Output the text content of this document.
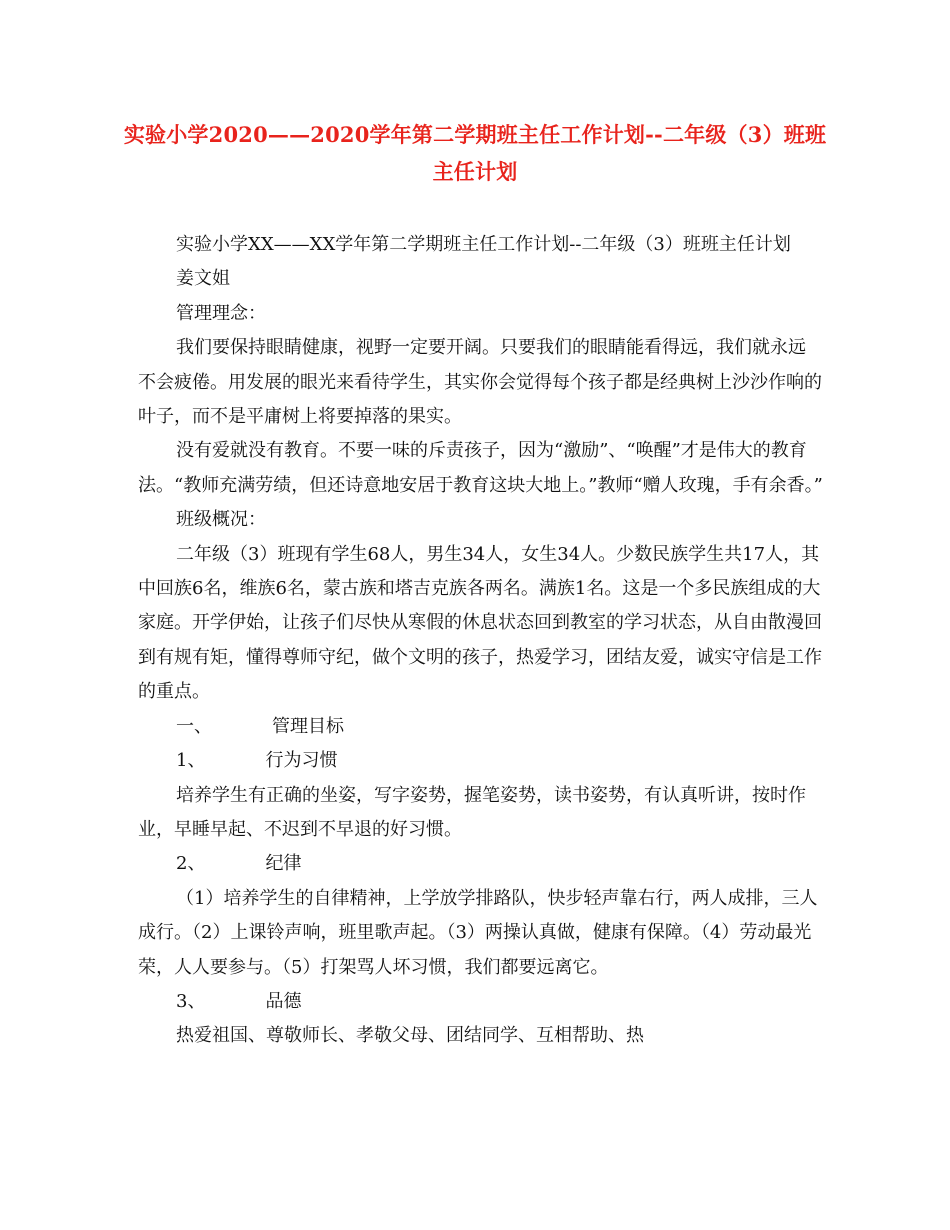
实验小学2020——2020学年第二学期班主任工作计划--二年级（3）班班主任计划

实验小学XX——XX学年第二学期班主任工作计划--二年级（3）班班主任计划

姜文姐

管理理念：

我们要保持眼睛健康，视野一定要开阔。只要我们的眼睛能看得远，我们就永远不会疲倦。用发展的眼光来看待学生，其实你会觉得每个孩子都是经典树上沙沙作响的叶子，而不是平庸树上将要掉落的果实。

没有爱就没有教育。不要一味的斥责孩子，因为“激励”、“唤醒”才是伟大的教育法。“教师充满劳绩，但还诗意地安居于教育这块大地上。”教师“赠人玫瑰，手有余香。”

班级概况：

二年级（3）班现有学生68人，男生34人，女生34人。少数民族学生共17人，其中回族6名，维族6名，蒙古族和塔吉克族各两名。满族1名。这是一个多民族组成的大家庭。开学伊始，让孩子们尽快从寒假的休息状态回到教室的学习状态，从自由散漫回到有规有矩，懂得尊师守纪，做个文明的孩子，热爱学习，团结友爱，诚实守信是工作的重点。

一、	管理目标

1、	行为习惯

培养学生有正确的坐姿，写字姿势，握笔姿势，读书姿势，有认真听讲，按时作业，早睡早起、不迟到不早退的好习惯。

2、	纪律

（1）培养学生的自律精神，上学放学排路队，快步轻声靠右行，两人成排，三人成行。（2）上课铃声响，班里歌声起。（3）两操认真做，健康有保障。（4）劳动最光荣，人人要参与。（5）打架骂人坏习惯，我们都要远离它。

3、	品德

热爱祖国、尊敬师长、孝敬父母、团结同学、互相帮助、热
